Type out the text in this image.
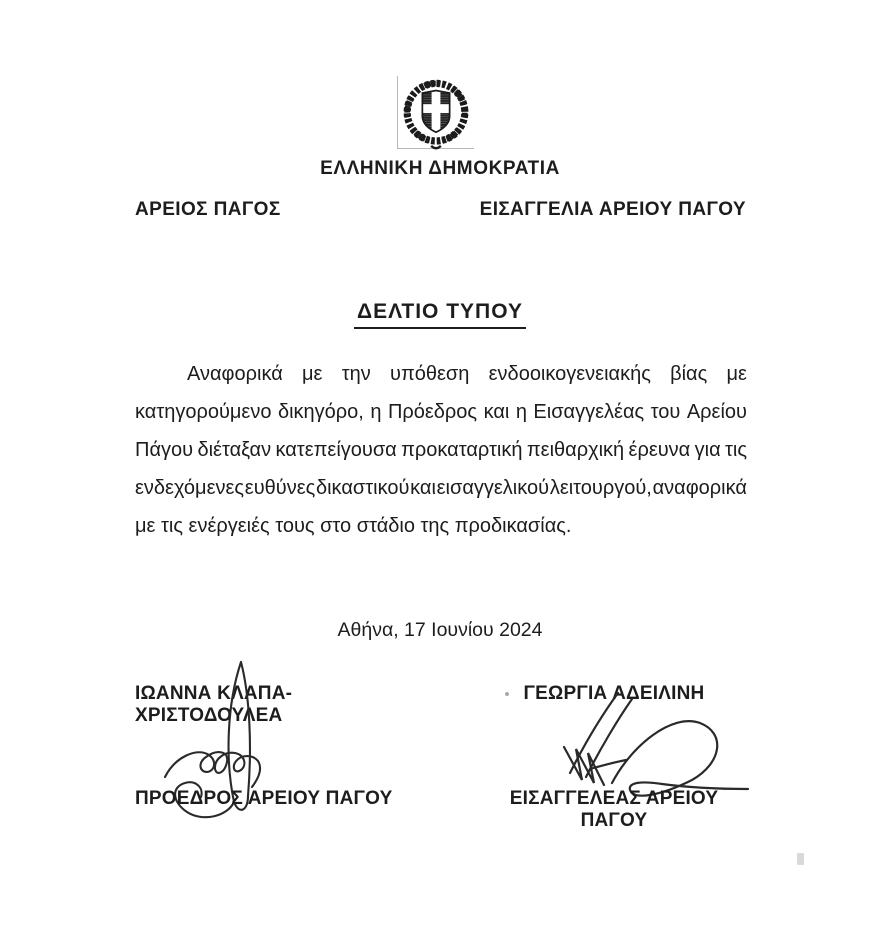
ΕΛΛΗΝΙΚΗ ΔΗΜΟΚΡΑΤΙΑ
ΑΡΕΙΟΣ ΠΑΓΟΣ	ΕΙΣΑΓΓΕΛΙΑ ΑΡΕΙΟΥ ΠΑΓΟΥ
ΔΕΛΤΙΟ ΤΥΠΟΥ
Αναφορικά με την υπόθεση ενδοοικογενειακής βίας με
κατηγορούμενο δικηγόρο, η Πρόεδρος και η Εισαγγελέας του Αρείου
Πάγου διέταξαν κατεπείγουσα προκαταρτική πειθαρχική έρευνα για τις
ενδεχόμενες ευθύνες δικαστικού και εισαγγελικού λειτουργού, αναφορικά
με τις ενέργειές τους στο στάδιο της προδικασίας.
Αθήνα, 17 Ιουνίου 2024
ΙΩΑΝΝΑ ΚΛΑΠΑ-ΧΡΙΣΤΟΔΟΥΛΕΑ
ΠΡΟΕΔΡΟΣ ΑΡΕΙΟΥ ΠΑΓΟΥ
ΓΕΩΡΓΙΑ ΑΔΕΙΛΙΝΗ
ΕΙΣΑΓΓΕΛΕΑΣ ΑΡΕΙΟΥ ΠΑΓΟΥ
